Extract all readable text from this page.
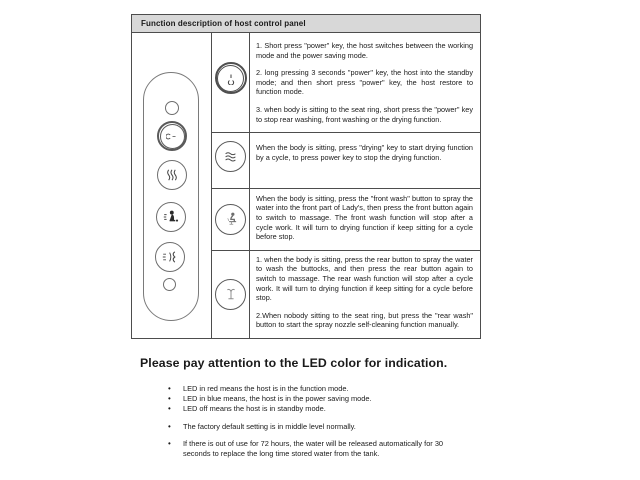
Function description of host control panel

1. Short press "power" key, the host switches between the working mode and the power saving mode.

2. long pressing 3 seconds "power" key, the host into the standby mode; and then short press "power" key, the host restore to function mode.

3. when body is sitting to the seat ring, short press the "power" key to stop rear washing, front washing or the drying function.

When the body is sitting, press "drying" key to start drying function by a cycle, to press power key to stop the drying function.

When the body is sitting, press the "front wash" button to spray the water into the front part of Lady's, then press the front button again to switch to massage. The front wash function will stop after a cycle work. It will turn to drying function if keep sitting for a cycle before stop.

1. when the body is sitting, press the rear button to spray the water to wash the buttocks, and then press the rear button again to switch to massage. The rear wash function will stop after a cycle work. It will turn to drying function if keep sitting for a cycle before stop.

2.When nobody sitting to the seat ring, but press the "rear wash" button to start the spray nozzle self-cleaning function manually.

Please pay attention to the LED color for indication.
• LED in red means the host is in the function mode.
• LED in blue means, the host is in the power saving mode.
• LED off means the host is in standby mode.
• The factory default setting is in middle level normally.
• If there is out of use for 72 hours, the water will be released automatically for 30 seconds to replace the long time stored water from the tank.
